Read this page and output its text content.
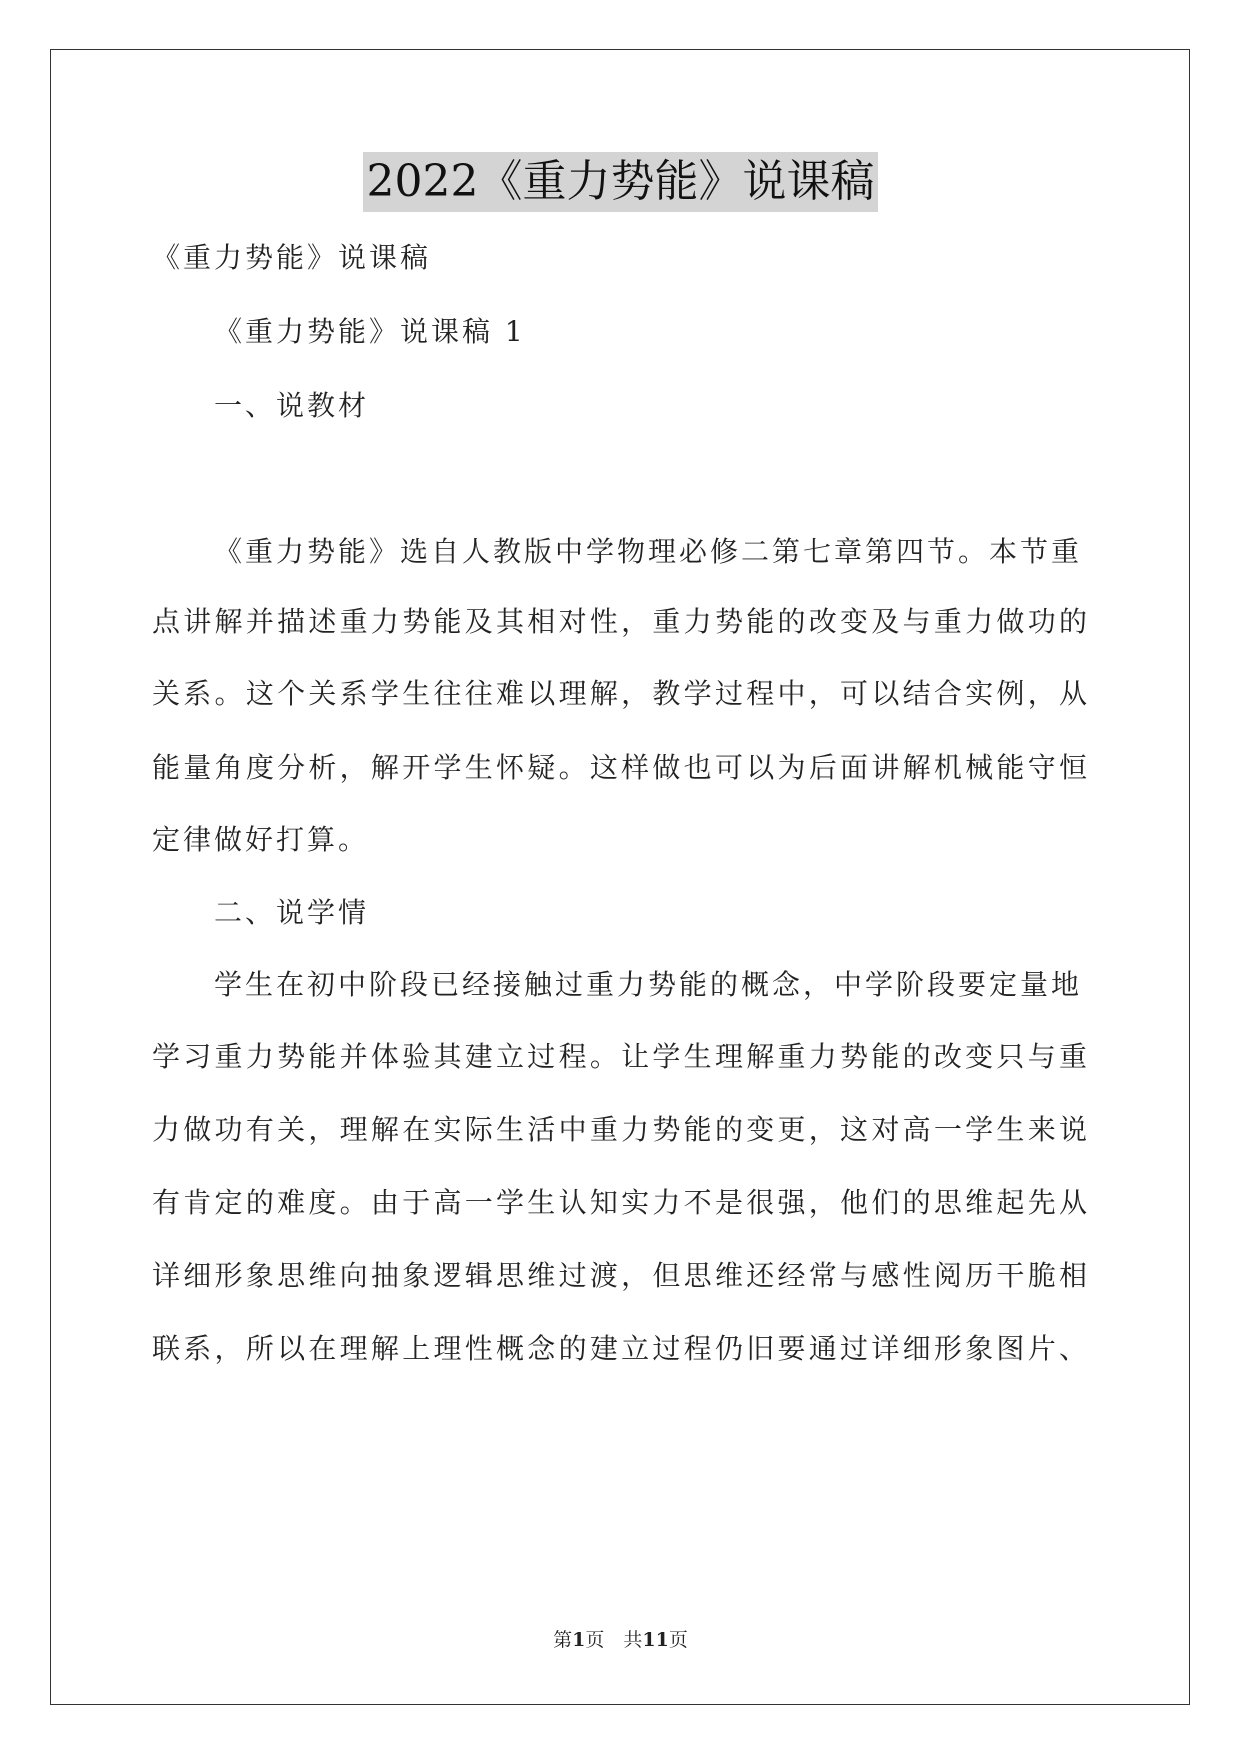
2022《重力势能》说课稿
《重力势能》说课稿
《重力势能》说课稿 1
一、说教材
《重力势能》选自人教版中学物理必修二第七章第四节。本节重
点讲解并描述重力势能及其相对性，重力势能的改变及与重力做功的
关系。这个关系学生往往难以理解，教学过程中，可以结合实例，从
能量角度分析，解开学生怀疑。这样做也可以为后面讲解机械能守恒
定律做好打算。
二、说学情
学生在初中阶段已经接触过重力势能的概念，中学阶段要定量地
学习重力势能并体验其建立过程。让学生理解重力势能的改变只与重
力做功有关，理解在实际生活中重力势能的变更，这对高一学生来说
有肯定的难度。由于高一学生认知实力不是很强，他们的思维起先从
详细形象思维向抽象逻辑思维过渡，但思维还经常与感性阅历干脆相
联系，所以在理解上理性概念的建立过程仍旧要通过详细形象图片、
第1页　共11页
